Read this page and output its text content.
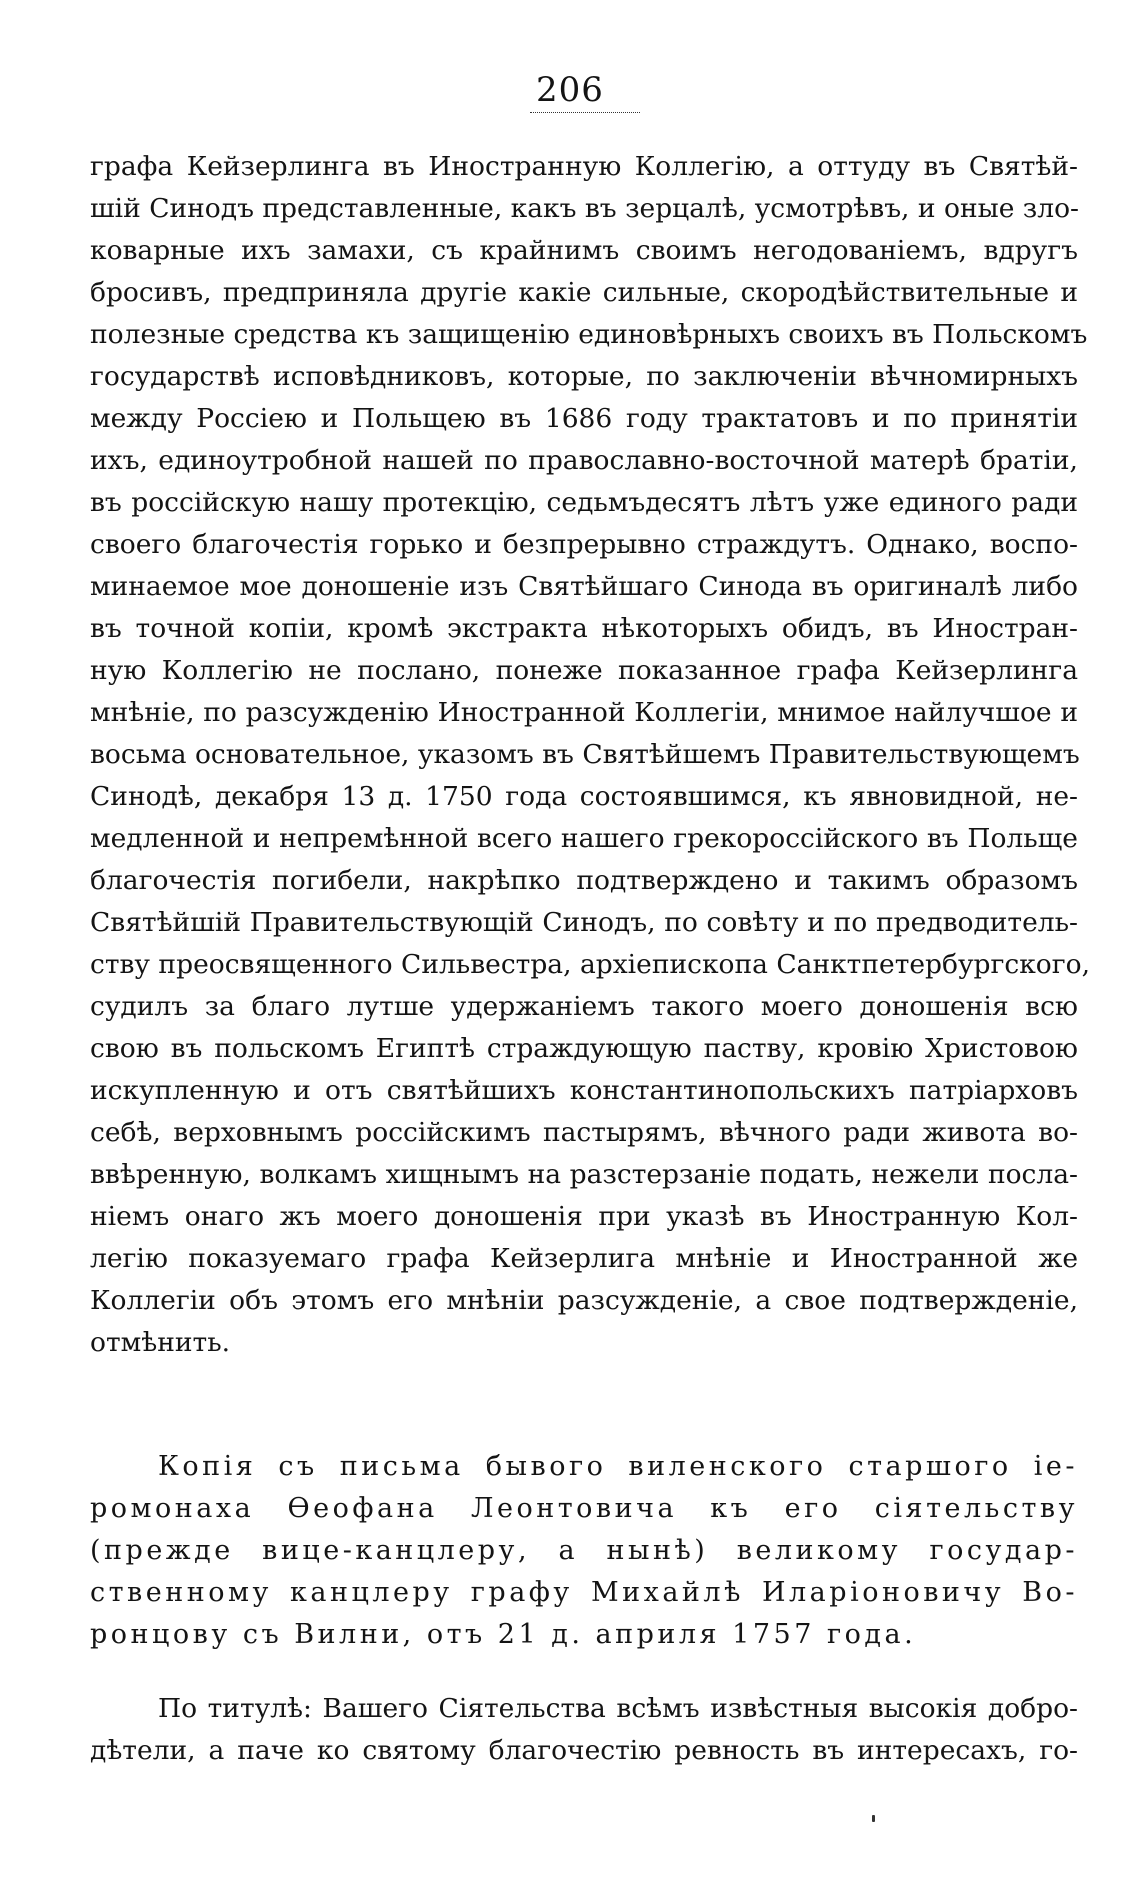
206
графа Кейзерлинга въ Иностранную Коллегію, а оттуду въ Святѣй-
шій Синодъ представленные, какъ въ зерцалѣ, усмотрѣвъ, и оные зло-
коварные ихъ замахи, съ крайнимъ своимъ негодованіемъ, вдругъ
бросивъ, предприняла другіе какіе сильные, скородѣйствительные и
полезные средства къ защищенію единовѣрныхъ своихъ въ Польскомъ
государствѣ исповѣдниковъ, которые, по заключеніи вѣчномирныхъ
между Россіею и Польщею въ 1686 году трактатовъ и по принятіи
ихъ, единоутробной нашей по православно-восточной матерѣ братіи,
въ россійскую нашу протекцію, седьмъдесятъ лѣтъ уже единого ради
своего благочестія горько и безпрерывно страждутъ. Однако, воспо-
минаемое мое доношеніе изъ Святѣйшаго Синода въ оригиналѣ либо
въ точной копіи, кромѣ экстракта нѣкоторыхъ обидъ, въ Иностран-
ную Коллегію не послано, понеже показанное графа Кейзерлинга
мнѣніе, по разсужденію Иностранной Коллегіи, мнимое найлучшое и
восьма основательное, указомъ въ Святѣйшемъ Правительствующемъ
Синодѣ, декабря 13 д. 1750 года состоявшимся, къ явновидной, не-
медленной и непремѣнной всего нашего грекороссійского въ Польще
благочестія погибели, накрѣпко подтверждено и такимъ образомъ
Святѣйшій Правительствующій Синодъ, по совѣту и по предводитель-
ству преосвященного Сильвестра, архіепископа Санктпетербургского,
судилъ за благо лутше удержаніемъ такого моего доношенія всю
свою въ польскомъ Египтѣ страждующую паству, кровію Христовою
искупленную и отъ святѣйшихъ константинопольскихъ патріарховъ
себѣ, верховнымъ россійскимъ пастырямъ, вѣчного ради живота во-
ввѣренную, волкамъ хищнымъ на разстерзаніе подать, нежели посла-
ніемъ онаго жъ моего доношенія при указѣ въ Иностранную Кол-
легію показуемаго графа Кейзерлига мнѣніе и Иностранной же
Коллегіи объ этомъ его мнѣніи разсужденіе, а свое подтвержденіе,
отмѣнить.
Копія съ письма бывого виленского старшого іе-
ромонаха Өеофана Леонтовича къ его сіятельству
(прежде вице-канцлеру, а нынѣ) великому государ-
ственному канцлеру графу Михайлѣ Иларіоновичу Во-
ронцову съ Вилни, отъ 21 д. априля 1757 года.
По титулѣ: Вашего Сіятельства всѣмъ извѣстныя высокія добро-
дѣтели, а паче ко святому благочестію ревность въ интересахъ, го-
